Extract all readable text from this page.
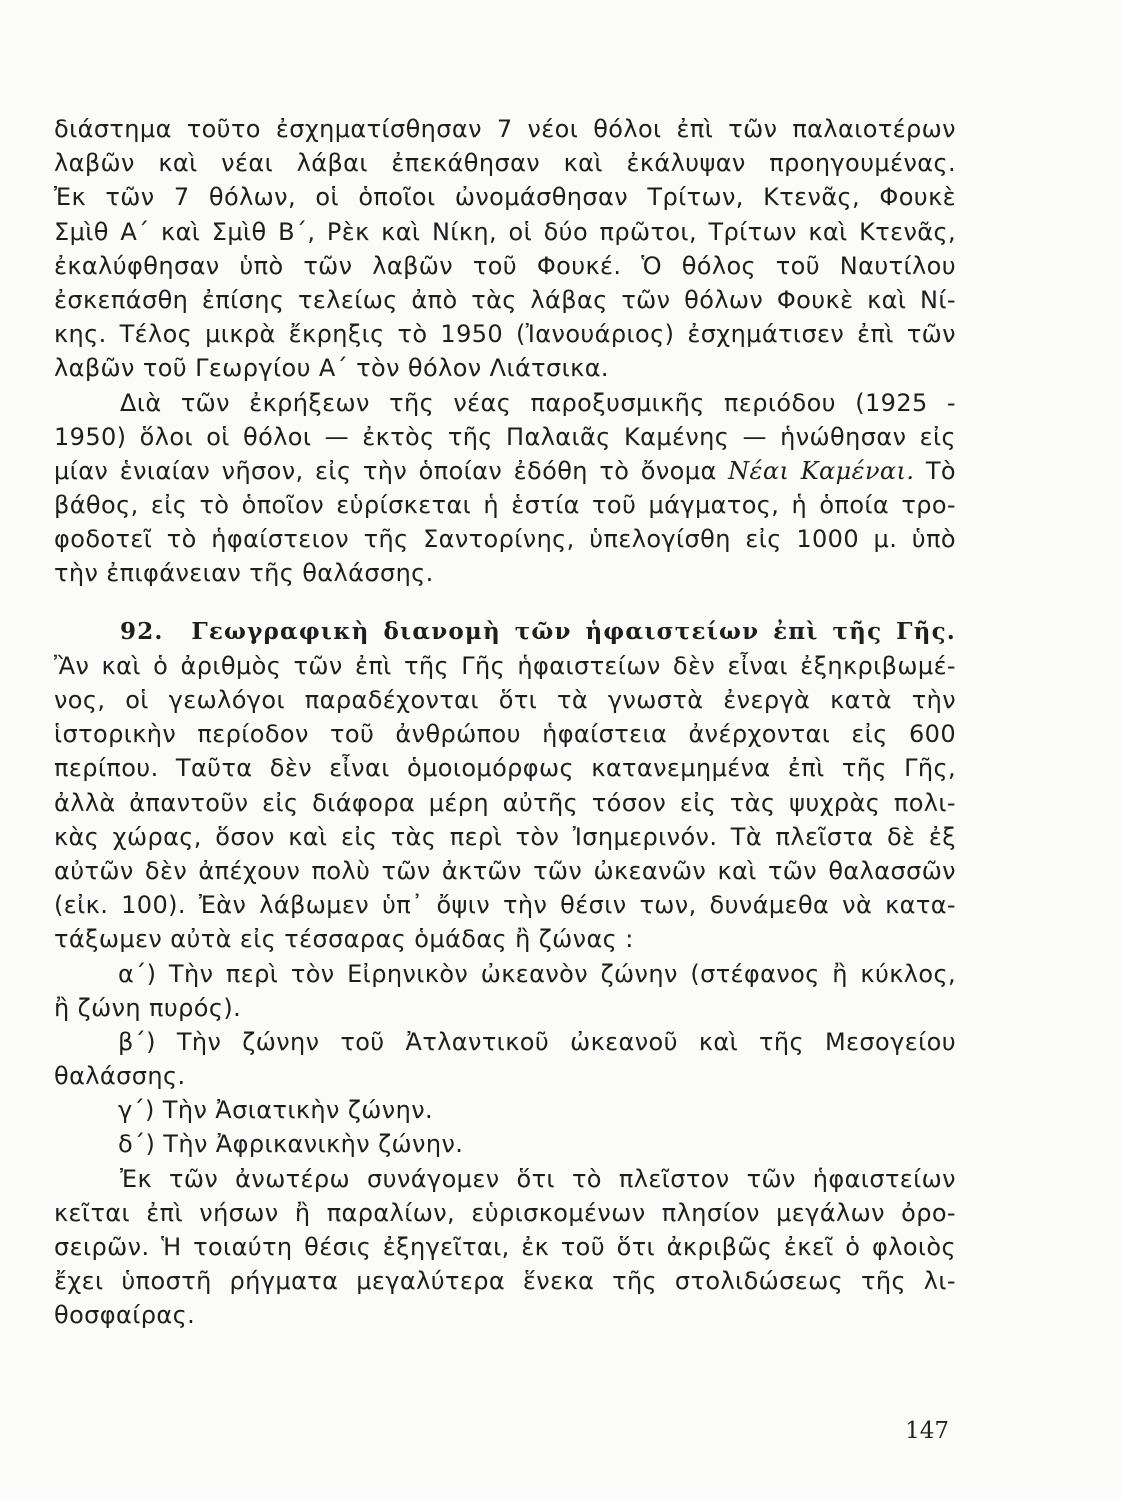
διάστημα τοῦτο ἐσχηματίσθησαν 7 νέοι θόλοι ἐπὶ τῶν παλαιοτέρων
λαβῶν καὶ νέαι λάβαι ἐπεκάθησαν καὶ ἐκάλυψαν προηγουμένας.
Ἐκ τῶν 7 θόλων, οἱ ὁποῖοι ὠνομάσθησαν Τρίτων, Κτενᾶς, Φουκὲ
Σμὶθ Α΄ καὶ Σμὶθ Β΄, Ρὲκ καὶ Νίκη, οἱ δύο πρῶτοι, Τρίτων καὶ Κτενᾶς,
ἐκαλύφθησαν ὑπὸ τῶν λαβῶν τοῦ Φουκέ. Ὁ θόλος τοῦ Ναυτίλου
ἐσκεπάσθη ἐπίσης τελείως ἀπὸ τὰς λάβας τῶν θόλων Φουκὲ καὶ Νί-
κης. Τέλος μικρὰ ἔκρηξις τὸ 1950 (Ἰανουάριος) ἐσχημάτισεν ἐπὶ τῶν
λαβῶν τοῦ Γεωργίου Α΄ τὸν θόλον Λιάτσικα.
Διὰ τῶν ἐκρήξεων τῆς νέας παροξυσμικῆς περιόδου (1925 -
1950) ὅλοι οἱ θόλοι — ἐκτὸς τῆς Παλαιᾶς Καμένης — ἡνώθησαν εἰς
μίαν ἑνιαίαν νῆσον, εἰς τὴν ὁποίαν ἐδόθη τὸ ὄνομα Νέαι Καμέναι. Τὸ
βάθος, εἰς τὸ ὁποῖον εὑρίσκεται ἡ ἑστία τοῦ μάγματος, ἡ ὁποία τρο-
φοδοτεῖ τὸ ἡφαίστειον τῆς Σαντορίνης, ὑπελογίσθη εἰς 1000 μ. ὑπὸ
τὴν ἐπιφάνειαν τῆς θαλάσσης.
92. Γεωγραφικὴ διανομὴ τῶν ἡφαιστείων ἐπὶ τῆς Γῆς.
Ἂν καὶ ὁ ἀριθμὸς τῶν ἐπὶ τῆς Γῆς ἡφαιστείων δὲν εἶναι ἐξηκριβωμέ-
νος, οἱ γεωλόγοι παραδέχονται ὅτι τὰ γνωστὰ ἐνεργὰ κατὰ τὴν
ἱστορικὴν περίοδον τοῦ ἀνθρώπου ἡφαίστεια ἀνέρχονται εἰς 600
περίπου. Ταῦτα δὲν εἶναι ὁμοιομόρφως κατανεμημένα ἐπὶ τῆς Γῆς,
ἀλλὰ ἀπαντοῦν εἰς διάφορα μέρη αὐτῆς τόσον εἰς τὰς ψυχρὰς πολι-
κὰς χώρας, ὅσον καὶ εἰς τὰς περὶ τὸν Ἰσημερινόν. Τὰ πλεῖστα δὲ ἐξ
αὐτῶν δὲν ἀπέχουν πολὺ τῶν ἀκτῶν τῶν ὠκεανῶν καὶ τῶν θαλασσῶν
(εἰκ. 100). Ἐὰν λάβωμεν ὑπ᾽ ὄψιν τὴν θέσιν των, δυνάμεθα νὰ κατα-
τάξωμεν αὐτὰ εἰς τέσσαρας ὁμάδας ἢ ζώνας :
α΄) Τὴν περὶ τὸν Εἰρηνικὸν ὠκεανὸν ζώνην (στέφανος ἢ κύκλος,
ἢ ζώνη πυρός).
β΄) Τὴν ζώνην τοῦ Ἀτλαντικοῦ ὠκεανοῦ καὶ τῆς Μεσογείου
θαλάσσης.
γ΄) Τὴν Ἀσιατικὴν ζώνην.
δ΄) Τὴν Ἀφρικανικὴν ζώνην.
Ἐκ τῶν ἀνωτέρω συνάγομεν ὅτι τὸ πλεῖστον τῶν ἡφαιστείων
κεῖται ἐπὶ νήσων ἢ παραλίων, εὑρισκομένων πλησίον μεγάλων ὀρο-
σειρῶν. Ἡ τοιαύτη θέσις ἐξηγεῖται, ἐκ τοῦ ὅτι ἀκριβῶς ἐκεῖ ὁ φλοιὸς
ἔχει ὑποστῆ ρήγματα μεγαλύτερα ἕνεκα τῆς στολιδώσεως τῆς λι-
θοσφαίρας.
147
